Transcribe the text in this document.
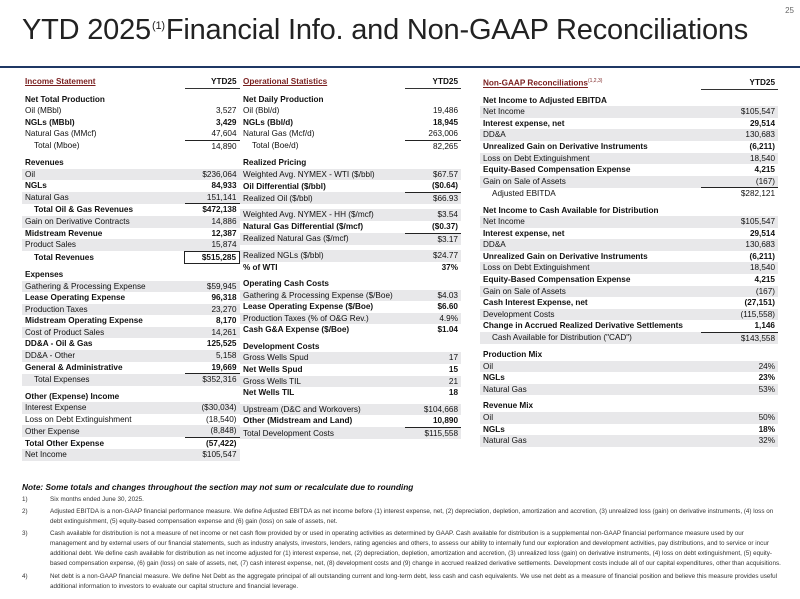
YTD 2025$^{(1)}$Financial Info. and Non-GAAP Reconciliations
25
Income Statement	YTD25

Net Total Production	
Oil (MBbl)	3,527
NGLs (MBbl)	3,429
Natural Gas (MMcf)	47,604
Total (Mboe)	14,890

Revenues	
Oil	$236,064
NGLs	84,933
Natural Gas	151,141
Total Oil & Gas Revenues	$472,138
Gain on Derivative Contracts	14,886
Midstream Revenue	12,387
Product Sales	15,874
Total Revenues	$515,285

Expenses	
Gathering & Processing Expense	$59,945
Lease Operating Expense	96,318
Production Taxes	23,270
Midstream Operating Expense	8,170
Cost of Product Sales	14,261
DD&A - Oil & Gas	125,525
DD&A - Other	5,158
General & Administrative	19,669
Total Expenses	$352,316

Other (Expense) Income	
Interest Expense	($30,034)
Loss on Debt Extinguishment	(18,540)
Other Expense	(8,848)
Total Other Expense	(57,422)
Net Income	$105,547
Operational Statistics	YTD25

Net Daily Production	
Oil (Bbl/d)	19,486
NGLs (Bbl/d)	18,945
Natural Gas (Mcf/d)	263,006
Total (Boe/d)	82,265

Realized Pricing	
Weighted Avg. NYMEX - WTI ($/bbl)	$67.57
Oil Differential ($/bbl)	($0.64)
Realized Oil ($/bbl)	$66.93

Weighted Avg. NYMEX - HH ($/mcf)	$3.54
Natural Gas Differential ($/mcf)	($0.37)
Realized Natural Gas ($/mcf)	$3.17

Realized NGLs ($/bbl)	$24.77
% of WTI	37%

Operating Cash Costs	
Gathering & Processing Expense ($/Boe)	$4.03
Lease Operating Expense ($/Boe)	$6.60
Production Taxes (% of O&G Rev.)	4.9%
Cash G&A Expense ($/Boe)	$1.04

Development Costs	
Gross Wells Spud	17
Net Wells Spud	15
Gross Wells TIL	21
Net Wells TIL	18

Upstream (D&C and Workovers)	$104,668
Other (Midstream and Land)	10,890
Total Development Costs	$115,558
Non-GAAP Reconciliations$^{(1,2,3)}$	YTD25

Net Income to Adjusted EBITDA	
Net Income	$105,547
Interest expense, net	29,514
DD&A	130,683
Unrealized Gain on Derivative Instruments	(6,211)
Loss on Debt Extinguishment	18,540
Equity-Based Compensation Expense	4,215
Gain on Sale of Assets	(167)
Adjusted EBITDA	$282,121

Net Income to Cash Available for Distribution	
Net Income	$105,547
Interest expense, net	29,514
DD&A	130,683
Unrealized Gain on Derivative Instruments	(6,211)
Loss on Debt Extinguishment	18,540
Equity-Based Compensation Expense	4,215
Gain on Sale of Assets	(167)
Cash Interest Expense, net	(27,151)
Development Costs	(115,558)
Change in Accrued Realized Derivative Settlements	1,146
Cash Available for Distribution ("CAD")	$143,558

Production Mix	
Oil	24%
NGLs	23%
Natural Gas	53%

Revenue Mix	
Oil	50%
NGLs	18%
Natural Gas	32%
Note: Some totals and changes throughout the section may not sum or recalculate due to rounding
1)	Six months ended June 30, 2025.
2)	Adjusted EBITDA is a non-GAAP financial performance measure. We define Adjusted EBITDA as net income before (1) interest expense, net, (2) depreciation, depletion, amortization and accretion, (3) unrealized loss (gain) on derivative instruments, (4) loss on debt extinguishment, (5) equity-based compensation expense and (6) gain (loss) on sale of assets, net.
3)	Cash available for distribution is not a measure of net income or net cash flow provided by or used in operating activities as determined by GAAP. Cash available for distribution is a supplemental non-GAAP financial performance measure used by our management and by external users of our financial statements, such as industry analysts, investors, lenders, rating agencies and others, to assess our ability to internally fund our exploration and development activities, pay distributions, and to service or incur additional debt. We define cash available for distribution as net income adjusted for (1) interest expense, net, (2) depreciation, depletion, amortization and accretion, (3) unrealized loss (gain) on derivative instruments, (4) loss on debt extinguishment, (5) equity-based compensation expense, (6) gain (loss) on sale of assets, net, (7) cash interest expense, net, (8) development costs and (9) change in accrued realized derivative settlements. Development costs include all of our capital expenditures, other than acquisitions.
4)	Net debt is a non-GAAP financial measure. We define Net Debt as the aggregate principal of all outstanding current and long-term debt, less cash and cash equivalents. We use net debt as a measure of financial position and believe this measure provides useful additional information to investors to evaluate our capital structure and financial leverage.
